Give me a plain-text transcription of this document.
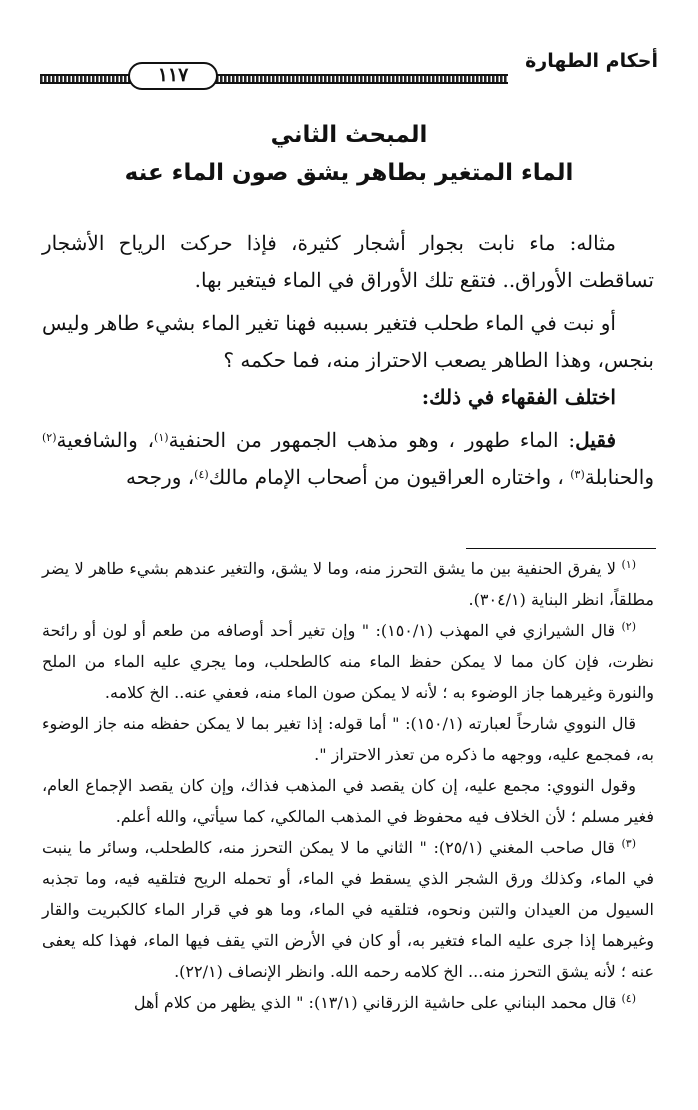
أحكام الطهارة
١١٧
المبحث الثاني
الماء المتغير بطاهر يشق صون الماء عنه

مثاله: ماء نابت بجوار أشجار كثيرة، فإذا حركت الرياح الأشجار تساقطت الأوراق.. فتقع تلك الأوراق في الماء فيتغير بها.

أو نبت في الماء طحلب فتغير بسببه فهنا تغير الماء بشيء طاهر وليس بنجس، وهذا الطاهر يصعب الاحتراز منه، فما حكمه ؟

اختلف الفقهاء في ذلك:

فقيل: الماء طهور ، وهو مذهب الجمهور من الحنفية$^{(١)}$، والشافعية$^{(٢)}$ والحنابلة$^{(٣)}$ ، واختاره العراقيون من أصحاب الإمام مالك$^{(٤)}$، ورجحه

$^{(١)}$ لا يفرق الحنفية بين ما يشق التحرز منه، وما لا يشق، والتغير عندهم بشيء طاهر لا يضر مطلقاً، انظر البناية (٣٠٤/١).

$^{(٢)}$ قال الشيرازي في المهذب (١٥٠/١): " وإن تغير أحد أوصافه من طعم أو لون أو رائحة نظرت، فإن كان مما لا يمكن حفظ الماء منه كالطحلب، وما يجري عليه الماء من الملح والنورة وغيرهما جاز الوضوء به ؛ لأنه لا يمكن صون الماء منه، فعفي عنه.. الخ كلامه.

قال النووي شارحاً لعبارته (١٥٠/١): " أما قوله: إذا تغير بما لا يمكن حفظه منه جاز الوضوء به، فمجمع عليه، ووجهه ما ذكره من تعذر الاحتراز ".

وقول النووي: مجمع عليه، إن كان يقصد في المذهب فذاك، وإن كان يقصد الإجماع العام، فغير مسلم ؛ لأن الخلاف فيه محفوظ في المذهب المالكي، كما سيأتي، والله أعلم.

$^{(٣)}$ قال صاحب المغني (٢٥/١): " الثاني ما لا يمكن التحرز منه، كالطحلب، وسائر ما ينبت في الماء، وكذلك ورق الشجر الذي يسقط في الماء، أو تحمله الريح فتلقيه فيه، وما تجذبه السيول من العيدان والتبن ونحوه، فتلقيه في الماء، وما هو في قرار الماء كالكبريت والقار وغيرهما إذا جرى عليه الماء فتغير به، أو كان في الأرض التي يقف فيها الماء، فهذا كله يعفى عنه ؛ لأنه يشق التحرز منه... الخ كلامه رحمه الله. وانظر الإنصاف (٢٢/١).

$^{(٤)}$ قال محمد البناني على حاشية الزرقاني (١٣/١): " الذي يظهر من كلام أهل
